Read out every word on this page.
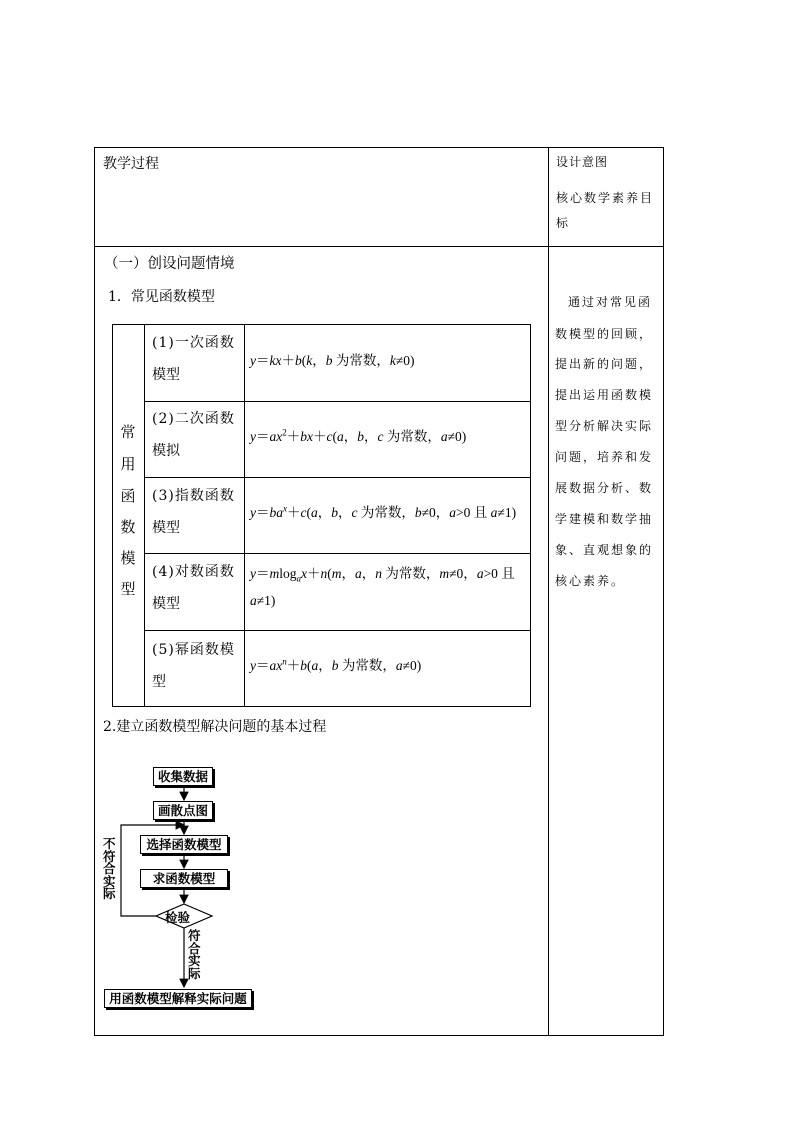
教学过程	设计意图
核心数学素养目
标
（一）创设问题情境
1．常见函数模型
常
用
函
数
模
型
(1)一次函数
模型
y＝kx＋b(k，b 为常数，k≠0)
(2)二次函数
模拟
$y=ax^2+bx+c(a$，b，c 为常数，a≠0)
(3)指数函数
模型
$y=ba^x+c(a$，b，c 为常数，b≠0，a>0 且 a≠1)
(4)对数函数
模型
y＝mlog$_a$x＋n(m，a，n 为常数，m≠0，a>0 且
a≠1)
(5)幂函数模
型
$y=ax^n+b(a$，b 为常数，a≠0)
2.建立函数模型解决问题的基本过程
通过对常见函
数模型的回顾，
提出新的问题，
提出运用函数模
型分析解决实际
问题，培养和发
展数据分析、数
学建模和数学抽
象、直观想象的
核心素养。
收集数据
画散点图
选择函数模型
求函数模型
检验
用函数模型解释实际问题
不
符
合
实
际
符
合
实
际
